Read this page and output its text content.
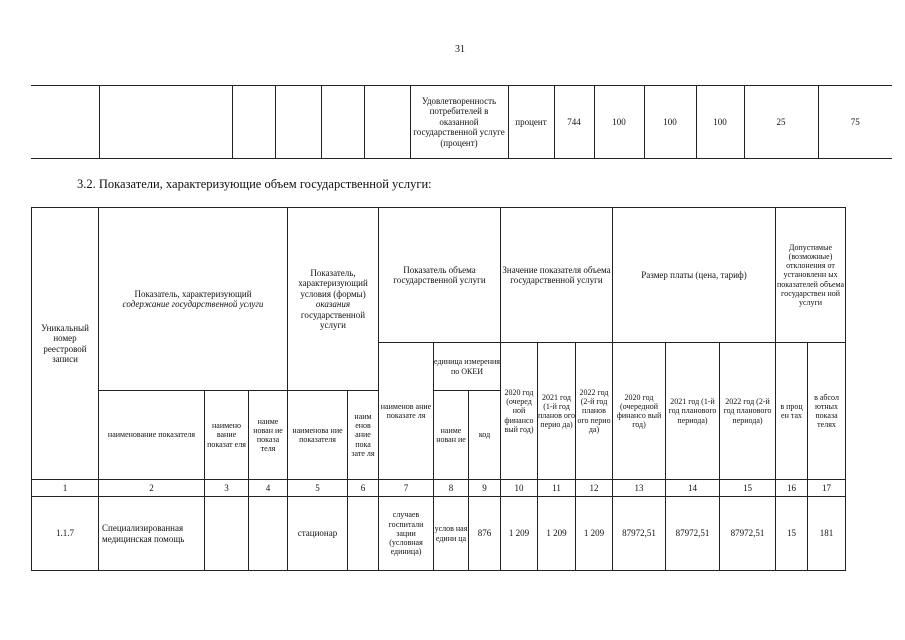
31
						Удовлетворенность потребителей в оказанной государственной услуге (процент)	процент	744	100	100	100	25	75
3.2. Показатели, характеризующие объем государственной услуги:
Уникальный номер реестровой записи	Показатель, характеризующий
содержание государственной услуги			Показатель, характеризующий условия (формы)
оказания
государственной услуги		Показатель объема государственной услуги			Значение показателя объема государственной услуги			Размер платы (цена, тариф)			Допустимые (возможные) отклонения от установленн ых показателей объема государствен ной услуги	
						наименов ание показате ля	единица измерения по ОКЕИ		2020 год (очеред ной финансо вый год)	2021 год (1-й год планов ого перио да)	2022 год (2-й год планов ого перио да)	2020 год (очередной финансо вый год)	2021 год (1-й год планового периода)	2022 год (2-й год планового периода)	в проц ен тах	в абсол ютных показа телях
	наименование показателя	наимено вание показат еля	наиме нован ие показа теля	наименова ние показателя	наим енов ание пока зате ля		наиме нован ие	код								
1	2	3	4	5	6	7	8	9	10	11	12	13	14	15	16	17
1.1.7	Специализированная медицинская помощь			стационар		случаев госпитали зации (условная единица)	услов ная едини ца	876	1 209	1 209	1 209	87972,51	87972,51	87972,51	15	181
